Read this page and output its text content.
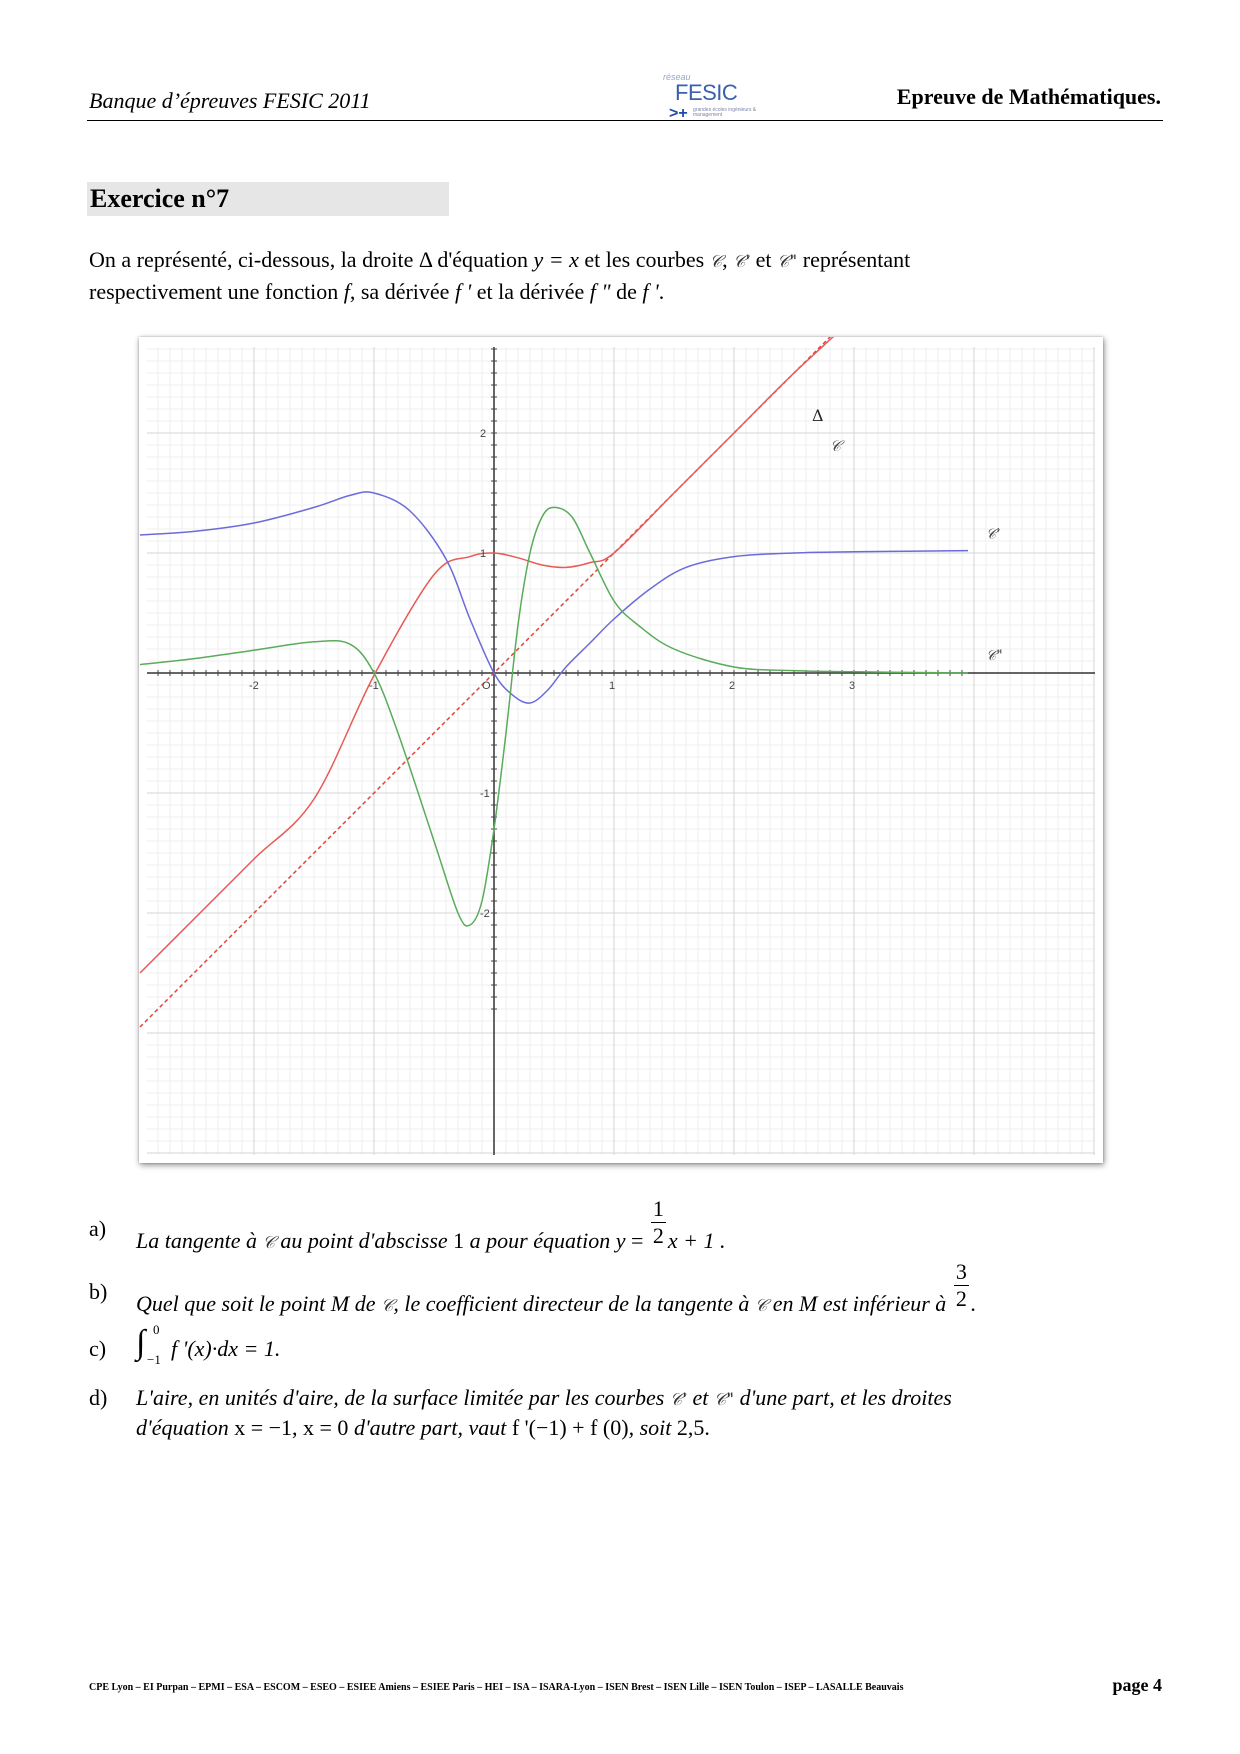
Banque d’épreuves FESIC 2011
réseau
FESIC
>+ grandes écoles ingénieurs & management
Epreuve de Mathématiques.
Exercice n°7
On a représenté, ci-dessous, la droite Δ d'équation y = x et les courbes 𝒞, 𝒞' et 𝒞" représentant
respectivement une fonction f, sa dérivée f ' et la dérivée f " de f '.
-2	-1	O	1	2	3
2
1
-1
-2
Δ
𝒞
𝒞'
𝒞"
a) La tangente à 𝒞 au point d'abscisse 1 a pour équation $y = \frac{1}{2}$ x + 1 .
b) Quel que soit le point M de 𝒞, le coefficient directeur de la tangente à 𝒞 en M est inférieur à $\frac{3}{2}$ .
c) ∫ 0
−1 f '(x)·dx = 1.
d) L'aire, en unités d'aire, de la surface limitée par les courbes 𝒞' et 𝒞" d'une part, et les droites
d'équation x = −1, x = 0 d'autre part, vaut f '(−1) + f (0), soit 2,5.
CPE Lyon – EI Purpan – EPMI – ESA – ESCOM – ESEO – ESIEE Amiens – ESIEE Paris – HEI – ISA – ISARA-Lyon – ISEN Brest – ISEN Lille – ISEN Toulon – ISEP – LASALLE Beauvais	page 4
